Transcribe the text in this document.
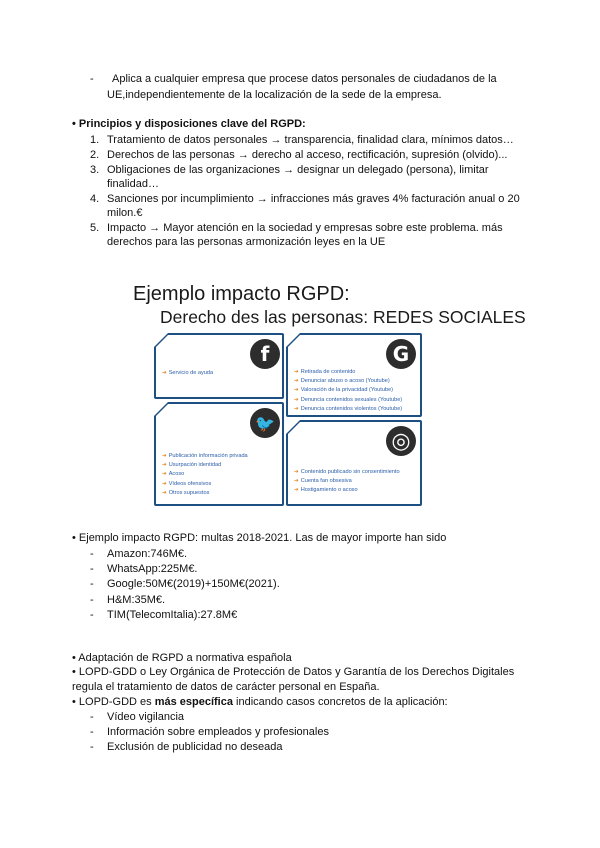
- Aplica a cualquier empresa que procese datos personales de ciudadanos de la
UE,independientemente de la localización de la sede de la empresa.
• Principios y disposiciones clave del RGPD:
1. Tratamiento de datos personales → transparencia, finalidad clara, mínimos datos…
2. Derechos de las personas → derecho al acceso, rectificación, supresión (olvido)...
3. Obligaciones de las organizaciones → designar un delegado (persona), limitar
finalidad…
4. Sanciones por incumplimiento → infracciones más graves 4% facturación anual o 20
milon.€
5. Impacto → Mayor atención en la sociedad y empresas sobre este problema. más
derechos para las personas armonización leyes en la UE
Ejemplo impacto RGPD:
Derecho des las personas: REDES SOCIALES
f
➔ Servicio de ayuda
G
➔ Retirada de contenido
➔ Denunciar abuso o acoso (Youtube)
➔ Valoración de la privacidad (Youtube)
➔ Denuncia contenidos sexuales (Youtube)
➔ Denuncia contenidos violentos (Youtube)
🐦
➔ Publicación información privada
➔ Usurpación identidad
➔ Acoso
➔ Vídeos ofensivos
➔ Otros supuestos
◎
➔ Contenido publicado sin consentimiento
➔ Cuenta fan obsesiva
➔ Hostigamiento o acoso
• Ejemplo impacto RGPD: multas 2018-2021. Las de mayor importe han sido
- Amazon:746M€.
- WhatsApp:225M€.
- Google:50M€(2019)+150M€(2021).
- H&M:35M€.
- TIM(TelecomItalia):27.8M€
• Adaptación de RGPD a normativa española
• LOPD-GDD o Ley Orgánica de Protección de Datos y Garantía de los Derechos Digitales
regula el tratamiento de datos de carácter personal en España.
• LOPD-GDD es más específica indicando casos concretos de la aplicación:
- Vídeo vigilancia
- Información sobre empleados y profesionales
- Exclusión de publicidad no deseada
